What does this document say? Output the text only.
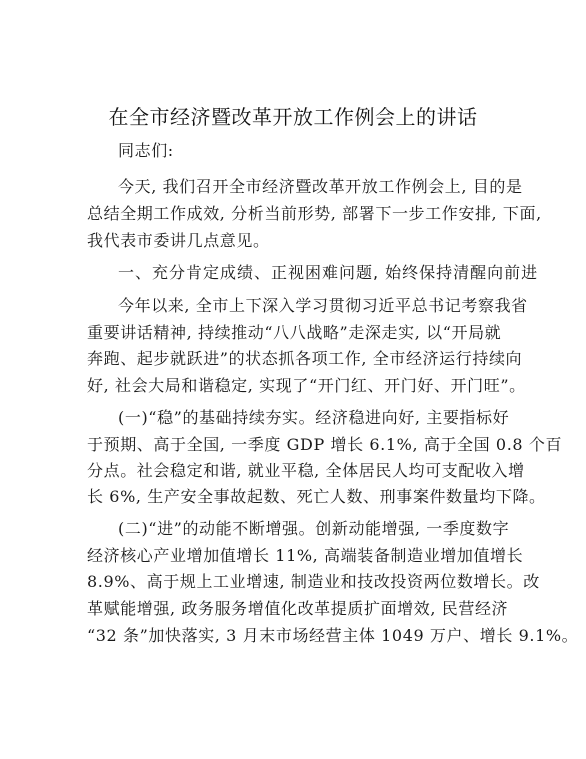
在全市经济暨改革开放工作例会上的讲话
同志们:
今天, 我们召开全市经济暨改革开放工作例会上, 目的是
总结全期工作成效, 分析当前形势, 部署下一步工作安排, 下面,
我代表市委讲几点意见。
一、充分肯定成绩、正视困难问题, 始终保持清醒向前进
今年以来, 全市上下深入学习贯彻习近平总书记考察我省
重要讲话精神, 持续推动“八八战略”走深走实, 以“开局就
奔跑、起步就跃进”的状态抓各项工作, 全市经济运行持续向
好, 社会大局和谐稳定, 实现了“开门红、开门好、开门旺”。
(一)“稳”的基础持续夯实。经济稳进向好, 主要指标好
于预期、高于全国, 一季度 GDP 增长 6.1%, 高于全国 0.8 个百
分点。社会稳定和谐, 就业平稳, 全体居民人均可支配收入增
长 6%, 生产安全事故起数、死亡人数、刑事案件数量均下降。
(二)“进”的动能不断增强。创新动能增强, 一季度数字
经济核心产业增加值增长 11%, 高端装备制造业增加值增长
8.9%、高于规上工业增速, 制造业和技改投资两位数增长。改
革赋能增强, 政务服务增值化改革提质扩面增效, 民营经济
“32 条”加快落实, 3 月末市场经营主体 1049 万户、增长 9.1%。
